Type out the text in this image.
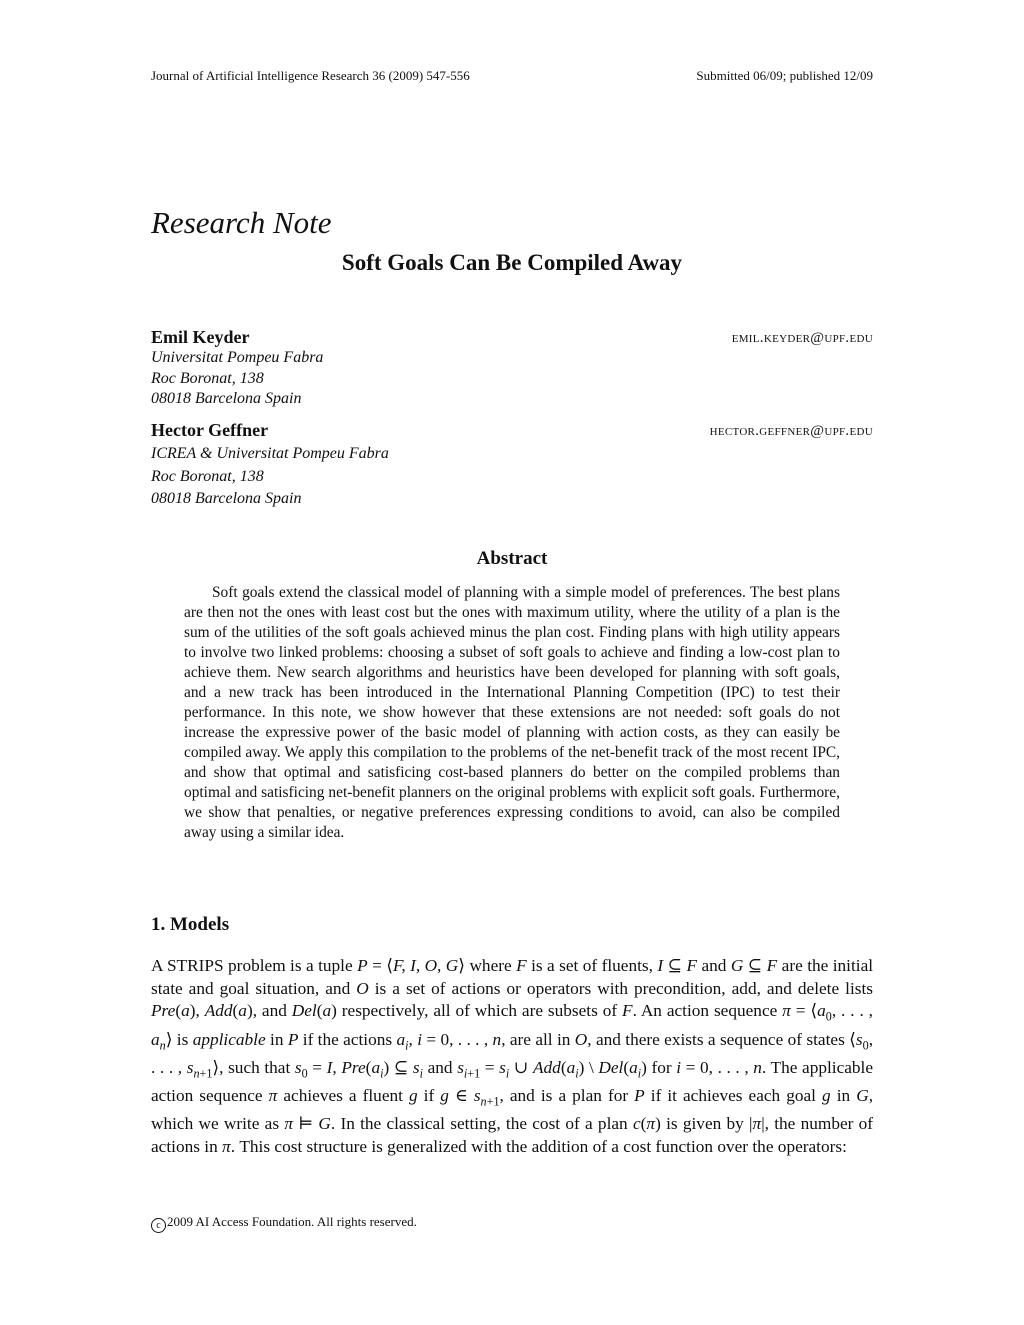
Journal of Artificial Intelligence Research 36 (2009) 547-556	Submitted 06/09; published 12/09
Research Note
Soft Goals Can Be Compiled Away
Emil Keyder	emil.keyder@upf.edu
Universitat Pompeu Fabra
Roc Boronat, 138
08018 Barcelona Spain
Hector Geffner	hector.geffner@upf.edu
ICREA & Universitat Pompeu Fabra
Roc Boronat, 138
08018 Barcelona Spain
Abstract
Soft goals extend the classical model of planning with a simple model of preferences. The best plans are then not the ones with least cost but the ones with maximum utility, where the utility of a plan is the sum of the utilities of the soft goals achieved minus the plan cost. Finding plans with high utility appears to involve two linked problems: choosing a subset of soft goals to achieve and finding a low-cost plan to achieve them. New search algorithms and heuristics have been developed for planning with soft goals, and a new track has been introduced in the International Planning Competition (IPC) to test their performance. In this note, we show however that these extensions are not needed: soft goals do not increase the expressive power of the basic model of planning with action costs, as they can easily be compiled away. We apply this compilation to the problems of the net-benefit track of the most recent IPC, and show that optimal and satisficing cost-based planners do better on the compiled problems than optimal and satisficing net-benefit planners on the original problems with explicit soft goals. Furthermore, we show that penalties, or negative preferences expressing conditions to avoid, can also be compiled away using a similar idea.
1. Models
A STRIPS problem is a tuple P = ⟨F, I, O, G⟩ where F is a set of fluents, I ⊆ F and G ⊆ F are the initial state and goal situation, and O is a set of actions or operators with precondition, add, and delete lists Pre(a), Add(a), and Del(a) respectively, all of which are subsets of F. An action sequence $\pi = ⟨a_0$, . . . , $a_n⟩$ is applicable in P if the actions $a_i$, i = 0, . . . , n, are all in O, and there exists a sequence of states $⟨s_0$, . . . , $s_{n+1}⟩$, such that $s_0 = I$, $Pre(a_i)$ ⊆ $s_i$ and $s_{i+1} = s_i$ ∪ $Add(a_i)$ \ $Del(a_i)$ for i = 0, . . . , n. The applicable action sequence π achieves a fluent g if g ∈ $s_{n+1}$, and is a plan for P if it achieves each goal g in G, which we write as π ⊨ G. In the classical setting, the cost of a plan c(π) is given by |π|, the number of actions in π. This cost structure is generalized with the addition of a cost function over the operators:
c 2009 AI Access Foundation. All rights reserved.
